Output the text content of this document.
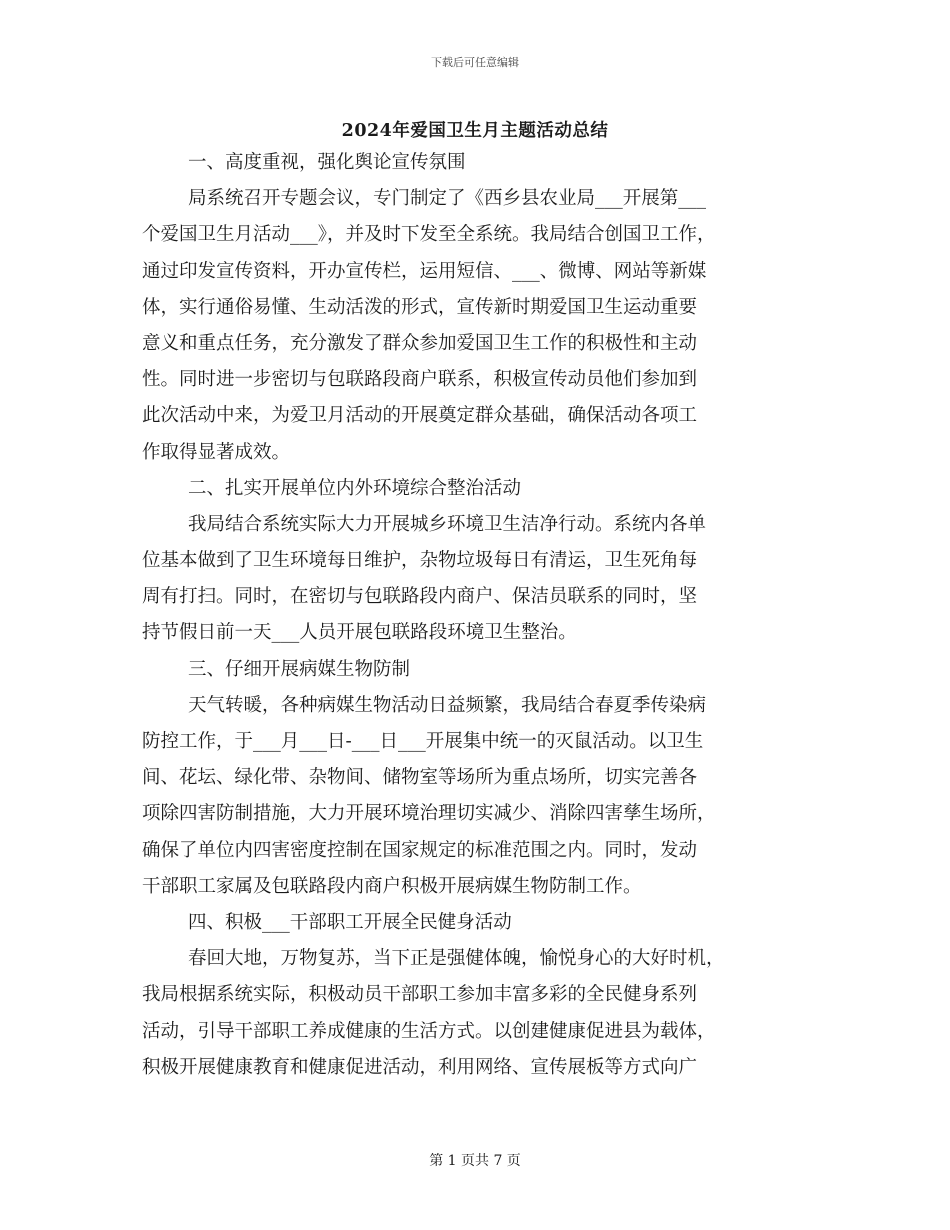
下载后可任意编辑
2024年爱国卫生月主题活动总结
一、高度重视，强化舆论宣传氛围
局系统召开专题会议，专门制定了《西乡县农业局___开展第___
个爱国卫生月活动___》，并及时下发至全系统。我局结合创国卫工作，
通过印发宣传资料，开办宣传栏，运用短信、___、微博、网站等新媒
体，实行通俗易懂、生动活泼的形式，宣传新时期爱国卫生运动重要
意义和重点任务，充分激发了群众参加爱国卫生工作的积极性和主动
性。同时进一步密切与包联路段商户联系，积极宣传动员他们参加到
此次活动中来，为爱卫月活动的开展奠定群众基础，确保活动各项工
作取得显著成效。
二、扎实开展单位内外环境综合整治活动
我局结合系统实际大力开展城乡环境卫生洁净行动。系统内各单
位基本做到了卫生环境每日维护，杂物垃圾每日有清运，卫生死角每
周有打扫。同时，在密切与包联路段内商户、保洁员联系的同时，坚
持节假日前一天___人员开展包联路段环境卫生整治。
三、仔细开展病媒生物防制
天气转暖，各种病媒生物活动日益频繁，我局结合春夏季传染病
防控工作，于___月___日-___日___开展集中统一的灭鼠活动。以卫生
间、花坛、绿化带、杂物间、储物室等场所为重点场所，切实完善各
项除四害防制措施，大力开展环境治理切实减少、消除四害孳生场所，
确保了单位内四害密度控制在国家规定的标准范围之内。同时，发动
干部职工家属及包联路段内商户积极开展病媒生物防制工作。
四、积极___干部职工开展全民健身活动
春回大地，万物复苏，当下正是强健体魄，愉悦身心的大好时机，
我局根据系统实际，积极动员干部职工参加丰富多彩的全民健身系列
活动，引导干部职工养成健康的生活方式。以创建健康促进县为载体，
积极开展健康教育和健康促进活动，利用网络、宣传展板等方式向广
第 1 页共 7 页
